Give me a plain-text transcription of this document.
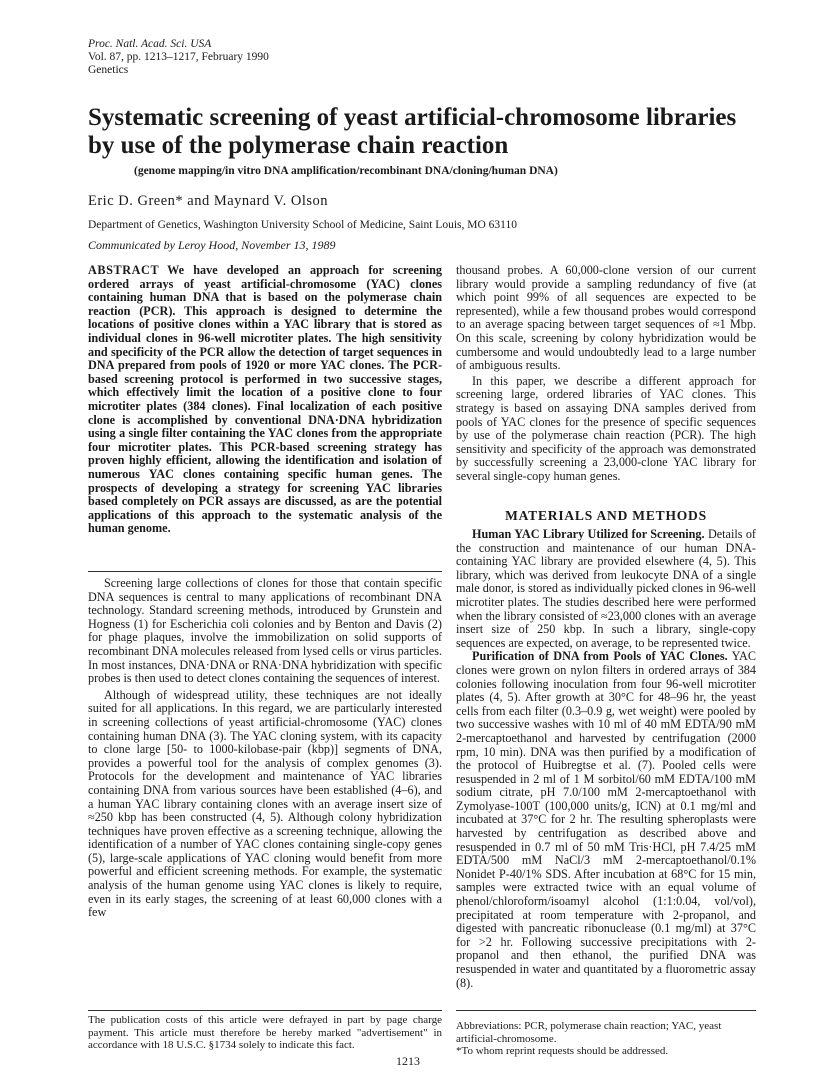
Proc. Natl. Acad. Sci. USA
Vol. 87, pp. 1213–1217, February 1990
Genetics
Systematic screening of yeast artificial-chromosome libraries by use of the polymerase chain reaction
(genome mapping/in vitro DNA amplification/recombinant DNA/cloning/human DNA)
Eric D. Green* and Maynard V. Olson
Department of Genetics, Washington University School of Medicine, Saint Louis, MO 63110
Communicated by Leroy Hood, November 13, 1989

ABSTRACT We have developed an approach for screening ordered arrays of yeast artificial-chromosome (YAC) clones containing human DNA that is based on the polymerase chain reaction (PCR). This approach is designed to determine the locations of positive clones within a YAC library that is stored as individual clones in 96-well microtiter plates. The high sensitivity and specificity of the PCR allow the detection of target sequences in DNA prepared from pools of 1920 or more YAC clones. The PCR-based screening protocol is performed in two successive stages, which effectively limit the location of a positive clone to four microtiter plates (384 clones). Final localization of each positive clone is accomplished by conventional DNA·DNA hybridization using a single filter containing the YAC clones from the appropriate four microtiter plates. This PCR-based screening strategy has proven highly efficient, allowing the identification and isolation of numerous YAC clones containing specific human genes. The prospects of developing a strategy for screening YAC libraries based completely on PCR assays are discussed, as are the potential applications of this approach to the systematic analysis of the human genome.

Screening large collections of clones for those that contain specific DNA sequences is central to many applications of recombinant DNA technology. Standard screening methods, introduced by Grunstein and Hogness (1) for Escherichia coli colonies and by Benton and Davis (2) for phage plaques, involve the immobilization on solid supports of recombinant DNA molecules released from lysed cells or virus particles. In most instances, DNA·DNA or RNA·DNA hybridization with specific probes is then used to detect clones containing the sequences of interest.

Although of widespread utility, these techniques are not ideally suited for all applications. In this regard, we are particularly interested in screening collections of yeast artificial-chromosome (YAC) clones containing human DNA (3). The YAC cloning system, with its capacity to clone large [50- to 1000-kilobase-pair (kbp)] segments of DNA, provides a powerful tool for the analysis of complex genomes (3). Protocols for the development and maintenance of YAC libraries containing DNA from various sources have been established (4–6), and a human YAC library containing clones with an average insert size of ≈250 kbp has been constructed (4, 5). Although colony hybridization techniques have proven effective as a screening technique, allowing the identification of a number of YAC clones containing single-copy genes (5), large-scale applications of YAC cloning would benefit from more powerful and efficient screening methods. For example, the systematic analysis of the human genome using YAC clones is likely to require, even in its early stages, the screening of at least 60,000 clones with a few

thousand probes. A 60,000-clone version of our current library would provide a sampling redundancy of five (at which point 99% of all sequences are expected to be represented), while a few thousand probes would correspond to an average spacing between target sequences of ≈1 Mbp. On this scale, screening by colony hybridization would be cumbersome and would undoubtedly lead to a large number of ambiguous results.

In this paper, we describe a different approach for screening large, ordered libraries of YAC clones. This strategy is based on assaying DNA samples derived from pools of YAC clones for the presence of specific sequences by use of the polymerase chain reaction (PCR). The high sensitivity and specificity of the approach was demonstrated by successfully screening a 23,000-clone YAC library for several single-copy human genes.

MATERIALS AND METHODS

Human YAC Library Utilized for Screening. Details of the construction and maintenance of our human DNA-containing YAC library are provided elsewhere (4, 5). This library, which was derived from leukocyte DNA of a single male donor, is stored as individually picked clones in 96-well microtiter plates. The studies described here were performed when the library consisted of ≈23,000 clones with an average insert size of 250 kbp. In such a library, single-copy sequences are expected, on average, to be represented twice.

Purification of DNA from Pools of YAC Clones. YAC clones were grown on nylon filters in ordered arrays of 384 colonies following inoculation from four 96-well microtiter plates (4, 5). After growth at 30°C for 48–96 hr, the yeast cells from each filter (0.3–0.9 g, wet weight) were pooled by two successive washes with 10 ml of 40 mM EDTA/90 mM 2-mercaptoethanol and harvested by centrifugation (2000 rpm, 10 min). DNA was then purified by a modification of the protocol of Huibregtse et al. (7). Pooled cells were resuspended in 2 ml of 1 M sorbitol/60 mM EDTA/100 mM sodium citrate, pH 7.0/100 mM 2-mercaptoethanol with Zymolyase-100T (100,000 units/g, ICN) at 0.1 mg/ml and incubated at 37°C for 2 hr. The resulting spheroplasts were harvested by centrifugation as described above and resuspended in 0.7 ml of 50 mM Tris·HCl, pH 7.4/25 mM EDTA/500 mM NaCl/3 mM 2-mercaptoethanol/0.1% Nonidet P-40/1% SDS. After incubation at 68°C for 15 min, samples were extracted twice with an equal volume of phenol/chloroform/isoamyl alcohol (1:1:0.04, vol/vol), precipitated at room temperature with 2-propanol, and digested with pancreatic ribonuclease (0.1 mg/ml) at 37°C for >2 hr. Following successive precipitations with 2-propanol and then ethanol, the purified DNA was resuspended in water and quantitated by a fluorometric assay (8).

The publication costs of this article were defrayed in part by page charge payment. This article must therefore be hereby marked "advertisement" in accordance with 18 U.S.C. §1734 solely to indicate this fact.

Abbreviations: PCR, polymerase chain reaction; YAC, yeast artificial-chromosome.

*To whom reprint requests should be addressed.

1213
